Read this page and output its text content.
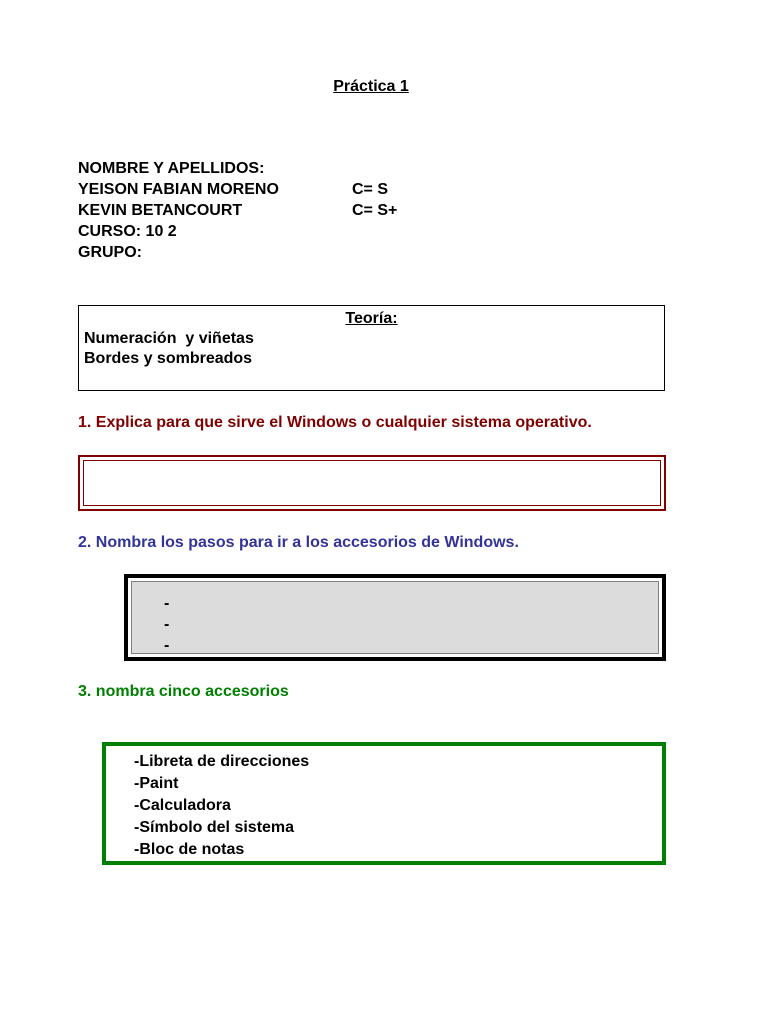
Práctica 1
NOMBRE Y APELLIDOS:
YEISON FABIAN MORENO	C= S
KEVIN BETANCOURT	C= S+
CURSO: 10 2
GRUPO:
Teoría:
Numeración  y viñetas
Bordes y sombreados
1. Explica para que sirve el Windows o cualquier sistema operativo.
2. Nombra los pasos para ir a los accesorios de Windows.
-
-
-
3. nombra cinco accesorios
-Libreta de direcciones
-Paint
-Calculadora
-Símbolo del sistema
-Bloc de notas
